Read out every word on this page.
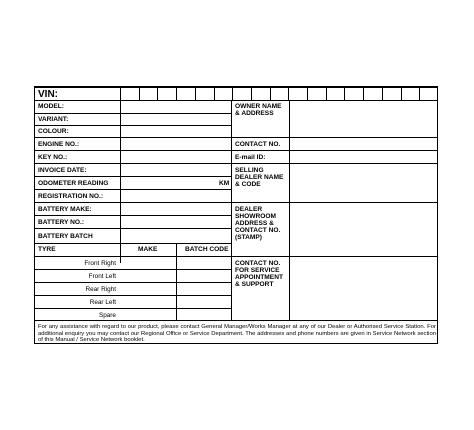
VIN:
MODEL:
VARIANT:
COLOUR:
ENGINE NO.:
KEY NO.:
INVOICE DATE:
ODOMETER READING	KM
REGISTRATION NO.:
BATTERY MAKE:
BATTERY NO.:
BATTERY BATCH
TYRE	MAKE	BATCH CODE
Front Right
Front Left
Rear Right
Rear Left
Spare
OWNER NAME & ADDRESS
CONTACT NO.
E-mail ID:
SELLING DEALER NAME & CODE
DEALER SHOWROOM ADDRESS & CONTACT NO. (STAMP)
CONTACT NO. FOR SERVICE APPOINTMENT & SUPPORT
For any assistance with regard to our product, please contact General Manager/Works Manager at any of our Dealer or Authorised Service Station. For additional enquiry you may contact our Regional Office or Service Department. The addresses and phone numbers are given in Service Network section of this Manual / Service Network booklet.
